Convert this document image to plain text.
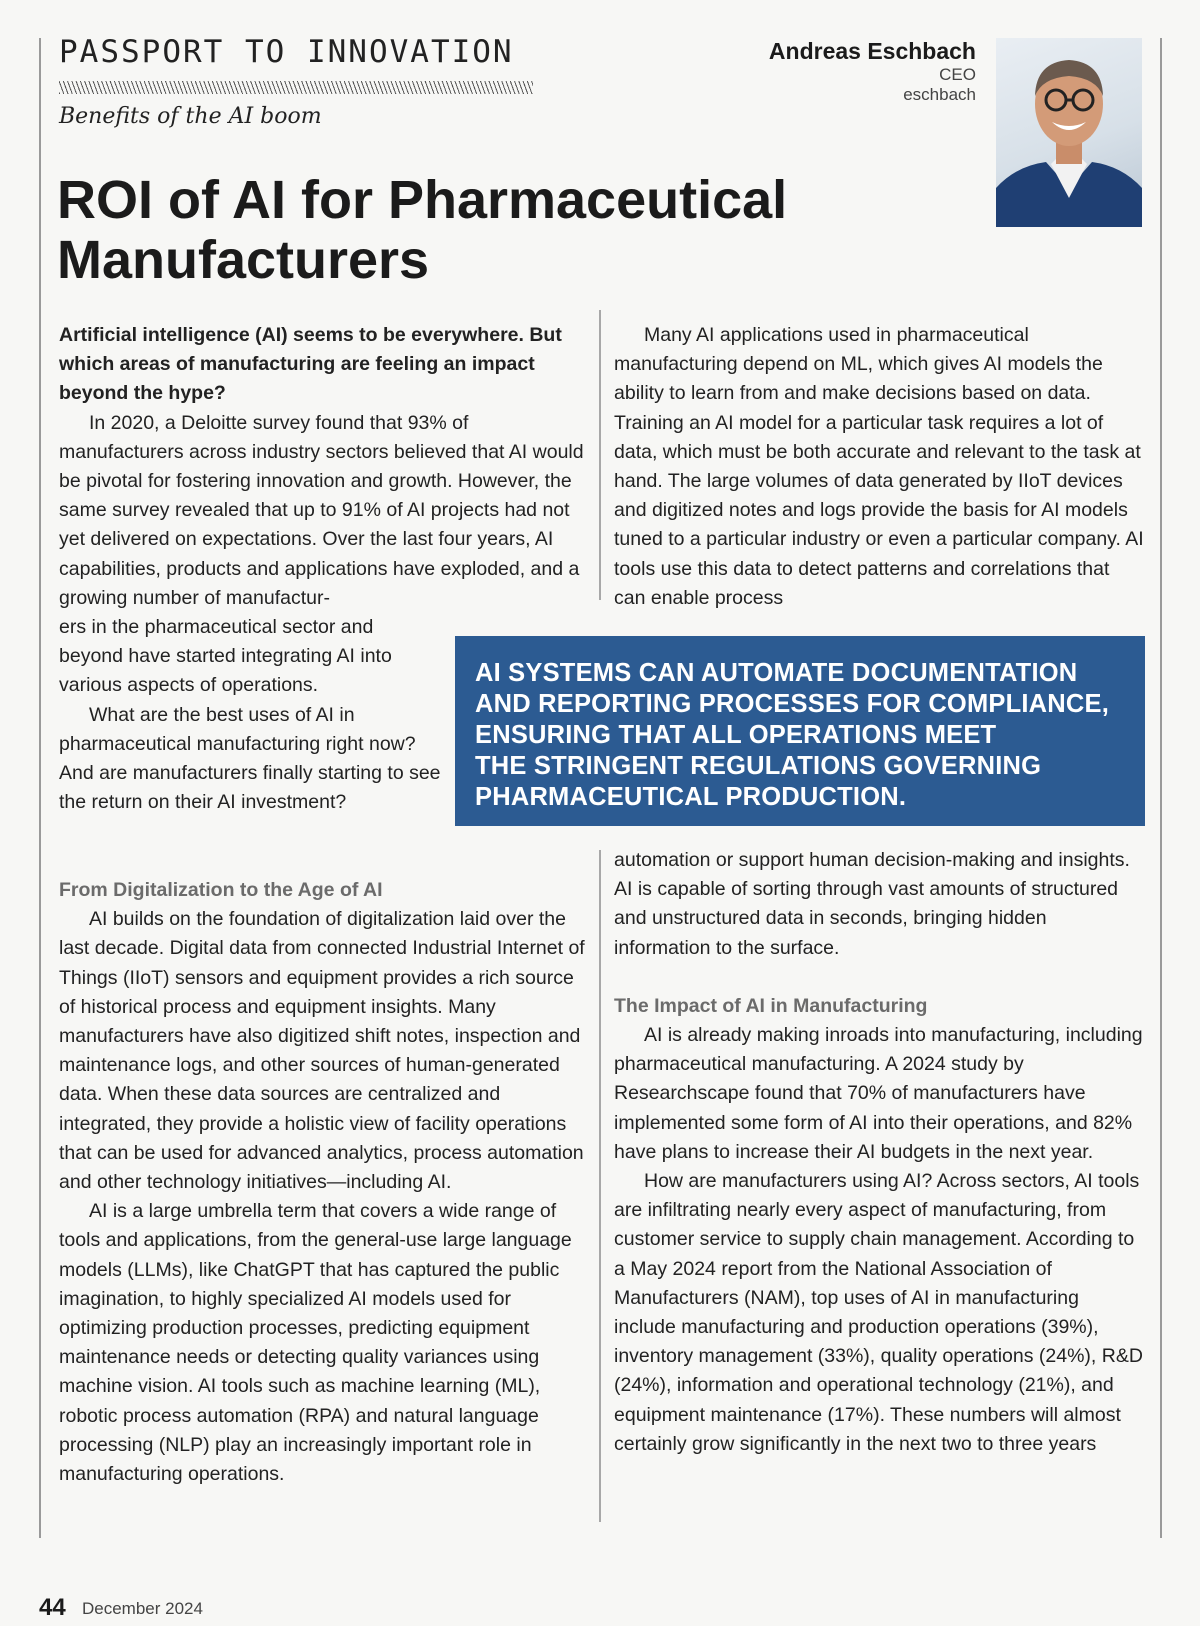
PASSPORT TO INNOVATION
Benefits of the AI boom
Andreas Eschbach
CEO
eschbach
ROI of AI for Pharmaceutical Manufacturers

Artificial intelligence (AI) seems to be everywhere. But which areas of manufacturing are feeling an impact beyond the hype?

In 2020, a Deloitte survey found that 93% of manufacturers across industry sectors believed that AI would be pivotal for fostering innovation and growth. However, the same survey revealed that up to 91% of AI projects had not yet delivered on expectations. Over the last four years, AI capabilities, products and applications have exploded, and a growing number of manufactur-

ers in the pharmaceutical sector and beyond have started integrating AI into various aspects of operations.

What are the best uses of AI in pharmaceutical manufacturing right now? And are manufacturers finally starting to see the return on their AI investment?

From Digitalization to the Age of AI

AI builds on the foundation of digitalization laid over the last decade. Digital data from connected Industrial Internet of Things (IIoT) sensors and equipment provides a rich source of historical process and equipment insights. Many manufacturers have also digitized shift notes, inspection and maintenance logs, and other sources of human-generated data. When these data sources are centralized and integrated, they provide a holistic view of facility operations that can be used for advanced analytics, process automation and other technology initiatives—including AI.

AI is a large umbrella term that covers a wide range of tools and applications, from the general-use large language models (LLMs), like ChatGPT that has captured the public imagination, to highly specialized AI models used for optimizing production processes, predicting equipment maintenance needs or detecting quality variances using machine vision. AI tools such as machine learning (ML), robotic process automation (RPA) and natural language processing (NLP) play an increasingly important role in manufacturing operations.

Many AI applications used in pharmaceutical manufacturing depend on ML, which gives AI models the ability to learn from and make decisions based on data. Training an AI model for a particular task requires a lot of data, which must be both accurate and relevant to the task at hand. The large volumes of data generated by IIoT devices and digitized notes and logs provide the basis for AI models tuned to a particular industry or even a particular company. AI tools use this data to detect patterns and correlations that can enable process

AI SYSTEMS CAN AUTOMATE DOCUMENTATION
AND REPORTING PROCESSES FOR COMPLIANCE,
ENSURING THAT ALL OPERATIONS MEET
THE STRINGENT REGULATIONS GOVERNING
PHARMACEUTICAL PRODUCTION.

automation or support human decision-making and insights. AI is capable of sorting through vast amounts of structured and unstructured data in seconds, bringing hidden information to the surface.

The Impact of AI in Manufacturing

AI is already making inroads into manufacturing, including pharmaceutical manufacturing. A 2024 study by Researchscape found that 70% of manufacturers have implemented some form of AI into their operations, and 82% have plans to increase their AI budgets in the next year.

How are manufacturers using AI? Across sectors, AI tools are infiltrating nearly every aspect of manufacturing, from customer service to supply chain management. According to a May 2024 report from the National Association of Manufacturers (NAM), top uses of AI in manufacturing include manufacturing and production operations (39%), inventory management (33%), quality operations (24%), R&D (24%), information and operational technology (21%), and equipment maintenance (17%). These numbers will almost certainly grow significantly in the next two to three years

44 December 2024
